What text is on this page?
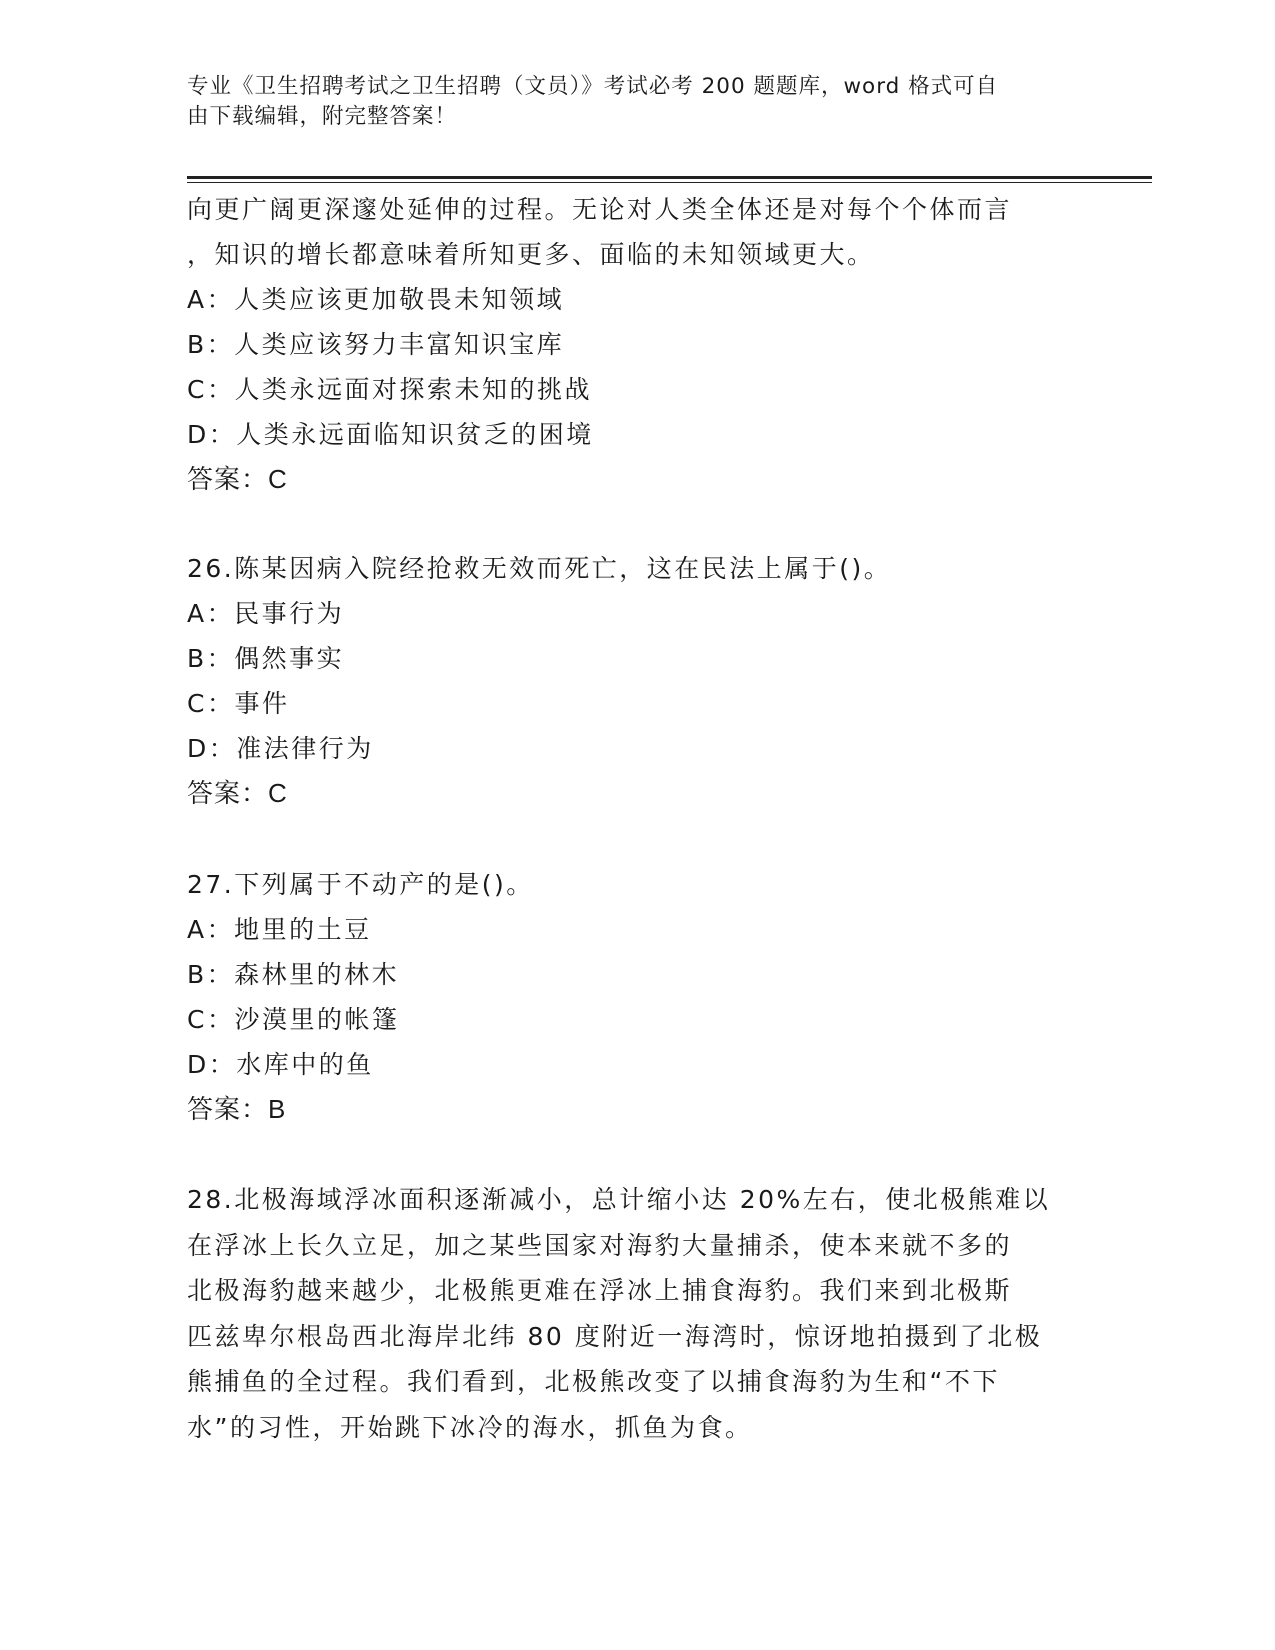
专业《卫生招聘考试之卫生招聘（文员）》考试必考 200 题题库，word 格式可自
由下载编辑，附完整答案！
向更广阔更深邃处延伸的过程。无论对人类全体还是对每个个体而言
，知识的增长都意味着所知更多、面临的未知领域更大。
A：人类应该更加敬畏未知领域
B：人类应该努力丰富知识宝库
C：人类永远面对探索未知的挑战
D：人类永远面临知识贫乏的困境
答案：C
26.陈某因病入院经抢救无效而死亡，这在民法上属于()。
A：民事行为
B：偶然事实
C：事件
D：准法律行为
答案：C
27.下列属于不动产的是()。
A：地里的土豆
B：森林里的林木
C：沙漠里的帐篷
D：水库中的鱼
答案：B
28.北极海域浮冰面积逐渐减小，总计缩小达 20%左右，使北极熊难以
在浮冰上长久立足，加之某些国家对海豹大量捕杀，使本来就不多的
北极海豹越来越少，北极熊更难在浮冰上捕食海豹。我们来到北极斯
匹兹卑尔根岛西北海岸北纬 80 度附近一海湾时，惊讶地拍摄到了北极
熊捕鱼的全过程。我们看到，北极熊改变了以捕食海豹为生和“不下
水”的习性，开始跳下冰冷的海水，抓鱼为食。
